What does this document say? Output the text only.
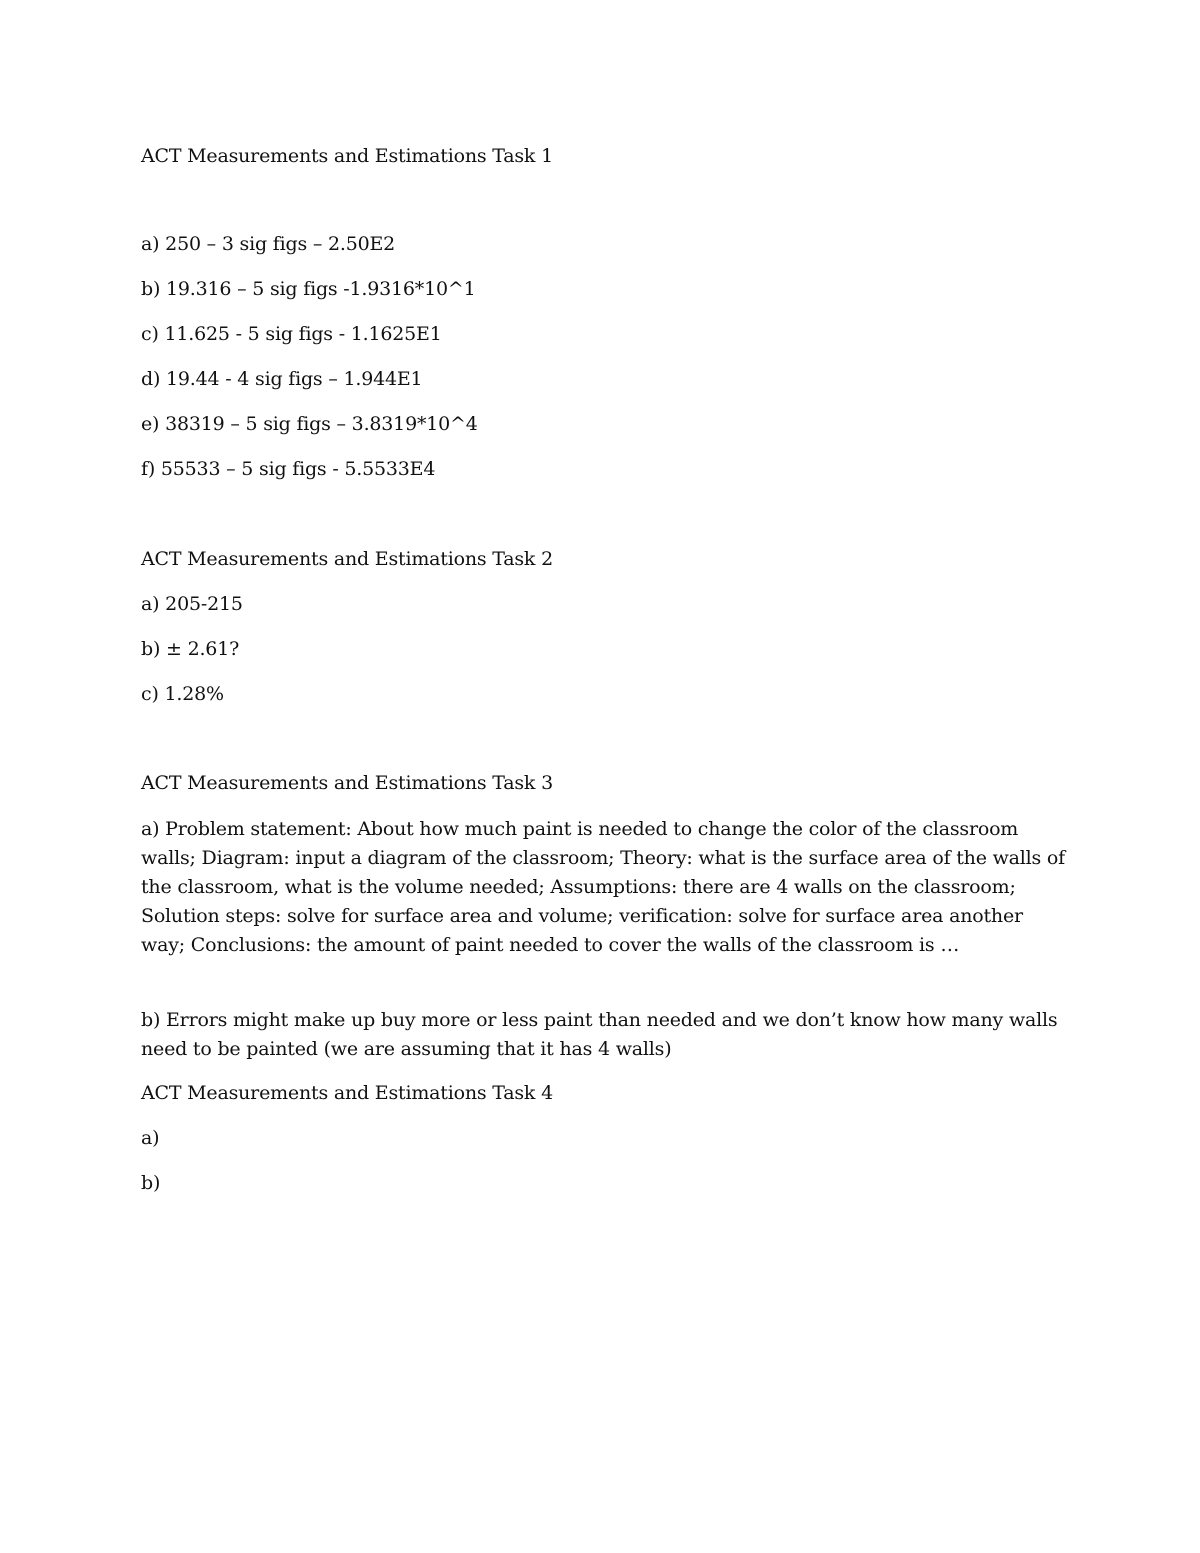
ACT Measurements and Estimations Task 1

a) 250 – 3 sig figs – 2.50E2

b) 19.316 – 5 sig figs -1.9316*10^1

c) 11.625 - 5 sig figs - 1.1625E1

d) 19.44 - 4 sig figs – 1.944E1

e) 38319 – 5 sig figs – 3.8319*10^4

f) 55533 – 5 sig figs - 5.5533E4

ACT Measurements and Estimations Task 2

a) 205-215

b) ± 2.61?

c) 1.28%

ACT Measurements and Estimations Task 3

a) Problem statement: About how much paint is needed to change the color of the classroom walls; Diagram: input a diagram of the classroom; Theory: what is the surface area of the walls of the classroom, what is the volume needed; Assumptions: there are 4 walls on the classroom; Solution steps: solve for surface area and volume; verification: solve for surface area another way; Conclusions: the amount of paint needed to cover the walls of the classroom is …

b) Errors might make up buy more or less paint than needed and we don’t know how many walls need to be painted (we are assuming that it has 4 walls)

ACT Measurements and Estimations Task 4

a)

b)
